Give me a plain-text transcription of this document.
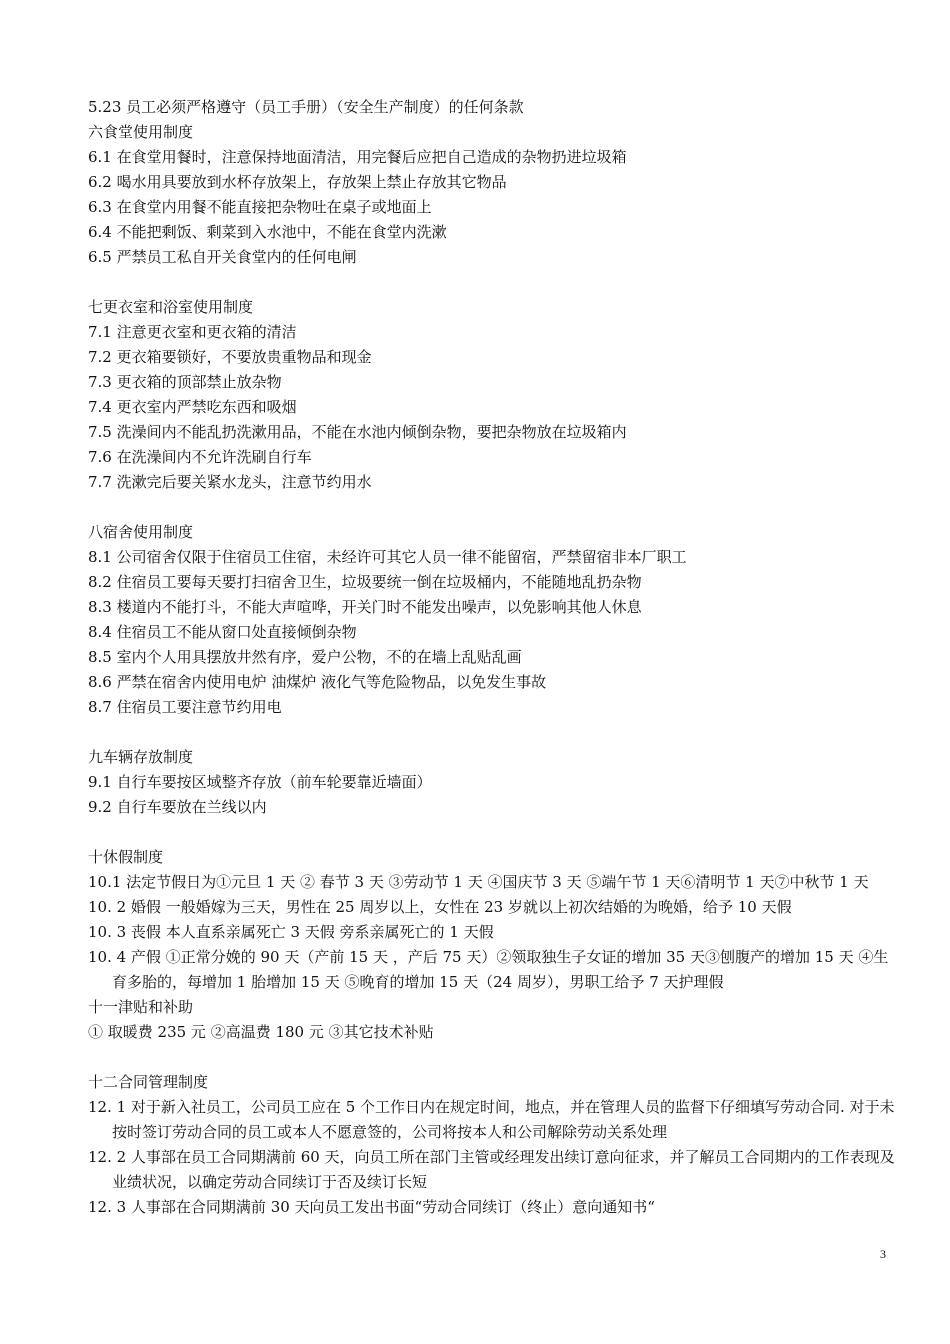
5.23 员工必须严格遵守（员工手册）（安全生产制度）的任何条款
六食堂使用制度
6.1 在食堂用餐时，注意保持地面清洁，用完餐后应把自己造成的杂物扔进垃圾箱
6.2 喝水用具要放到水杯存放架上，存放架上禁止存放其它物品
6.3 在食堂内用餐不能直接把杂物吐在桌子或地面上
6.4 不能把剩饭、剩菜到入水池中，不能在食堂内洗漱
6.5 严禁员工私自开关食堂内的任何电闸
七更衣室和浴室使用制度
7.1 注意更衣室和更衣箱的清洁
7.2 更衣箱要锁好，不要放贵重物品和现金
7.3 更衣箱的顶部禁止放杂物
7.4 更衣室内严禁吃东西和吸烟
7.5 洗澡间内不能乱扔洗漱用品，不能在水池内倾倒杂物，要把杂物放在垃圾箱内
7.6 在洗澡间内不允许洗刷自行车
7.7 洗漱完后要关紧水龙头，注意节约用水
八宿舍使用制度
8.1 公司宿舍仅限于住宿员工住宿，未经许可其它人员一律不能留宿，严禁留宿非本厂职工
8.2 住宿员工要每天要打扫宿舍卫生，垃圾要统一倒在垃圾桶内，不能随地乱扔杂物
8.3 楼道内不能打斗，不能大声喧哗，开关门时不能发出噪声，以免影响其他人休息
8.4 住宿员工不能从窗口处直接倾倒杂物
8.5 室内个人用具摆放井然有序，爱户公物，不的在墙上乱贴乱画
8.6 严禁在宿舍内使用电炉 油煤炉 液化气等危险物品，以免发生事故
8.7 住宿员工要注意节约用电
九车辆存放制度
9.1 自行车要按区域整齐存放（前车轮要靠近墙面）
9.2 自行车要放在兰线以内
十休假制度
10.1 法定节假日为①元旦 1 天 ② 春节 3 天 ③劳动节 1 天 ④国庆节 3 天 ⑤端午节 1 天⑥清明节 1 天⑦中秋节 1 天
10. 2 婚假 一般婚嫁为三天，男性在 25 周岁以上，女性在 23 岁就以上初次结婚的为晚婚，给予 10 天假
10. 3 丧假 本人直系亲属死亡 3 天假 旁系亲属死亡的 1 天假
10. 4 产假 ①正常分娩的 90 天（产前 15 天 ，产后 75 天）②领取独生子女证的增加 35 天③刨腹产的增加 15 天 ④生育多胎的，每增加 1 胎增加 15 天 ⑤晚育的增加 15 天（24 周岁），男职工给予 7 天护理假
十一津贴和补助
① 取暖费 235 元 ②高温费 180 元 ③其它技术补贴
十二合同管理制度
12. 1 对于新入社员工，公司员工应在 5 个工作日内在规定时间，地点，并在管理人员的监督下仔细填写劳动合同. 对于未按时签订劳动合同的员工或本人不愿意签的，公司将按本人和公司解除劳动关系处理
12. 2 人事部在员工合同期满前 60 天，向员工所在部门主管或经理发出续订意向征求，并了解员工合同期内的工作表现及业绩状况，以确定劳动合同续订于否及续订长短
12. 3 人事部在合同期满前 30 天向员工发出书面“劳动合同续订（终止）意向通知书“
3
